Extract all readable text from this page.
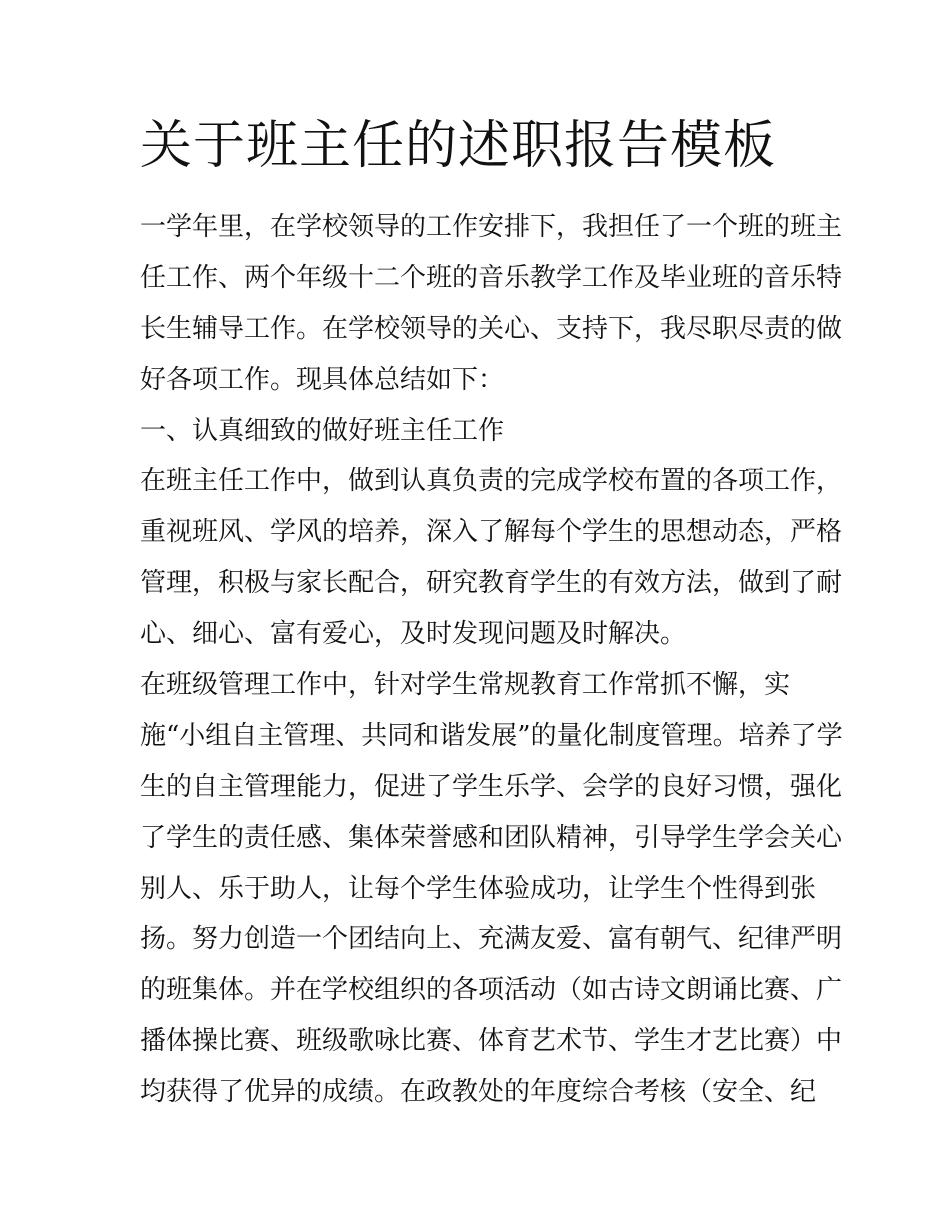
关于班主任的述职报告模板
一学年里，在学校领导的工作安排下，我担任了一个班的班主
任工作、两个年级十二个班的音乐教学工作及毕业班的音乐特
长生辅导工作。在学校领导的关心、支持下，我尽职尽责的做
好各项工作。现具体总结如下：
一、认真细致的做好班主任工作
在班主任工作中，做到认真负责的完成学校布置的各项工作，
重视班风、学风的培养，深入了解每个学生的思想动态，严格
管理，积极与家长配合，研究教育学生的有效方法，做到了耐
心、细心、富有爱心，及时发现问题及时解决。
在班级管理工作中，针对学生常规教育工作常抓不懈，实
施“小组自主管理、共同和谐发展”的量化制度管理。培养了学
生的自主管理能力，促进了学生乐学、会学的良好习惯，强化
了学生的责任感、集体荣誉感和团队精神，引导学生学会关心
别人、乐于助人，让每个学生体验成功，让学生个性得到张
扬。努力创造一个团结向上、充满友爱、富有朝气、纪律严明
的班集体。并在学校组织的各项活动（如古诗文朗诵比赛、广
播体操比赛、班级歌咏比赛、体育艺术节、学生才艺比赛）中
均获得了优异的成绩。在政教处的年度综合考核（安全、纪
